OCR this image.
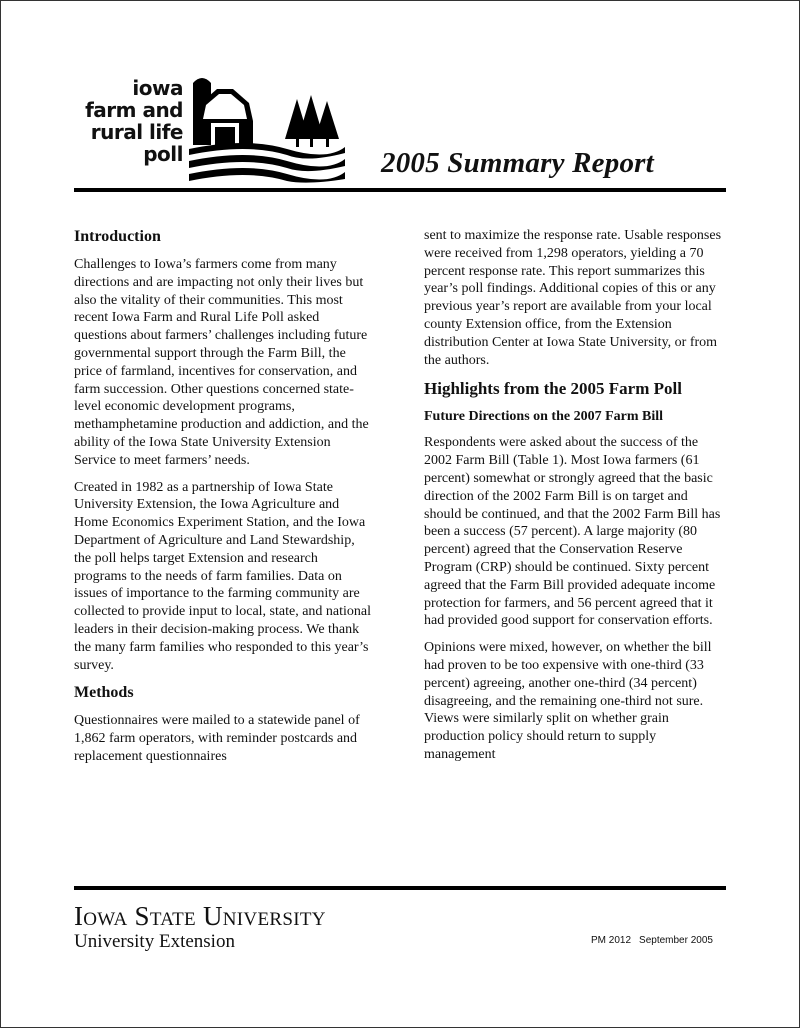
iowa
farm and
rural life
poll	2005 Summary Report
Introduction

Challenges to Iowa’s farmers come from many directions and are impacting not only their lives but also the vitality of their communities. This most recent Iowa Farm and Rural Life Poll asked questions about farmers’ challenges including future governmental support through the Farm Bill, the price of farmland, incentives for conservation, and farm succession. Other questions concerned state-level economic development programs, methamphetamine production and addiction, and the ability of the Iowa State University Extension Service to meet farmers’ needs.

Created in 1982 as a partnership of Iowa State University Extension, the Iowa Agriculture and Home Economics Experiment Station, and the Iowa Department of Agriculture and Land Stewardship, the poll helps target Extension and research programs to the needs of farm families. Data on issues of importance to the farming community are collected to provide input to local, state, and national leaders in their decision-making process. We thank the many farm families who responded to this year’s survey.

Methods

Questionnaires were mailed to a statewide panel of 1,862 farm operators, with reminder postcards and replacement questionnaires

sent to maximize the response rate. Usable responses were received from 1,298 operators, yielding a 70 percent response rate. This report summarizes this year’s poll findings. Additional copies of this or any previous year’s report are available from your local county Extension office, from the Extension distribution Center at Iowa State University, or from the authors.

Highlights from the 2005 Farm Poll
Future Directions on the 2007 Farm Bill

Respondents were asked about the success of the 2002 Farm Bill (Table 1). Most Iowa farmers (61 percent) somewhat or strongly agreed that the basic direction of the 2002 Farm Bill is on target and should be continued, and that the 2002 Farm Bill has been a success (57 percent). A large majority (80 percent) agreed that the Conservation Reserve Program (CRP) should be continued. Sixty percent agreed that the Farm Bill provided adequate income protection for farmers, and 56 percent agreed that it had provided good support for conservation efforts.

Opinions were mixed, however, on whether the bill had proven to be too expensive with one-third (33 percent) agreeing, another one-third (34 percent) disagreeing, and the remaining one-third not sure. Views were similarly split on whether grain production policy should return to supply management

Iowa State University
University Extension	PM 2012 September 2005
